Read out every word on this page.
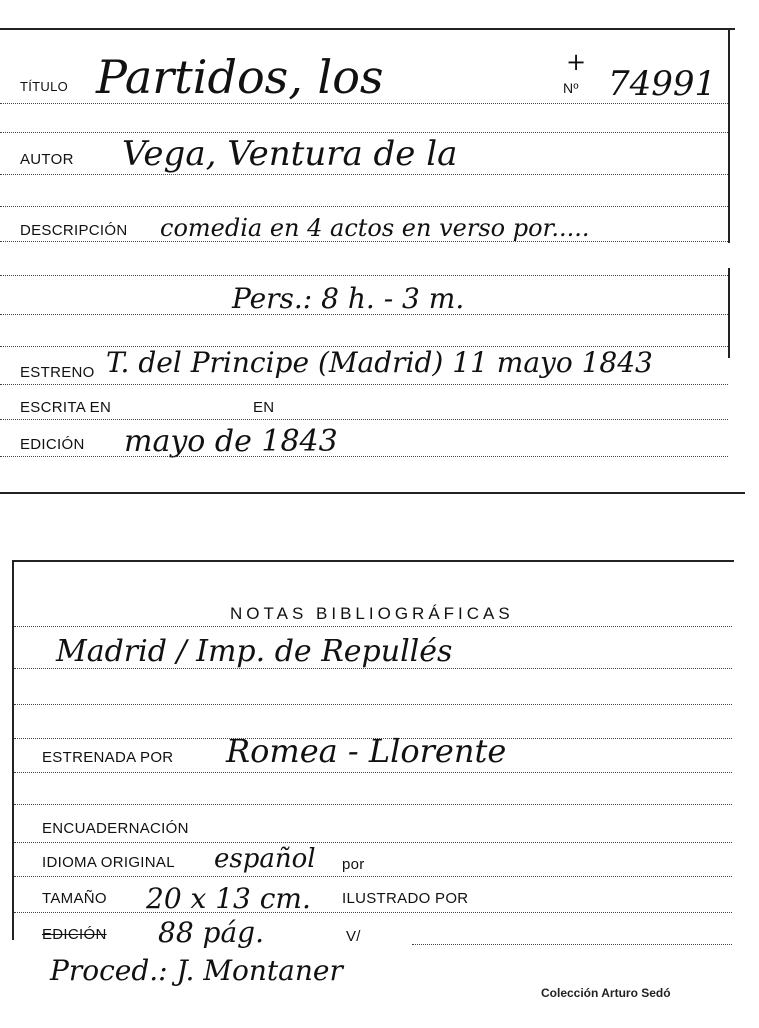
TÍTULO Partidos, los	+
Nº 74991
AUTOR Vega, Ventura de la
DESCRIPCIÓN comedia en 4 actos en verso por.....
Pers.: 8 h. - 3 m.
ESTRENO T. del Principe (Madrid) 11 mayo 1843
ESCRITA EN	EN
EDICIÓN mayo de 1843
NOTAS BIBLIOGRÁFICAS
Madrid / Imp. de Repullés
ESTRENADA POR Romea - Llorente
ENCUADERNACIÓN
IDIOMA ORIGINAL español por
TAMAÑO 20 x 13 cm. ILUSTRADO POR
EDICIÓN 88 pág.	V/
Proced.: J. Montaner
Colección Arturo Sedó
